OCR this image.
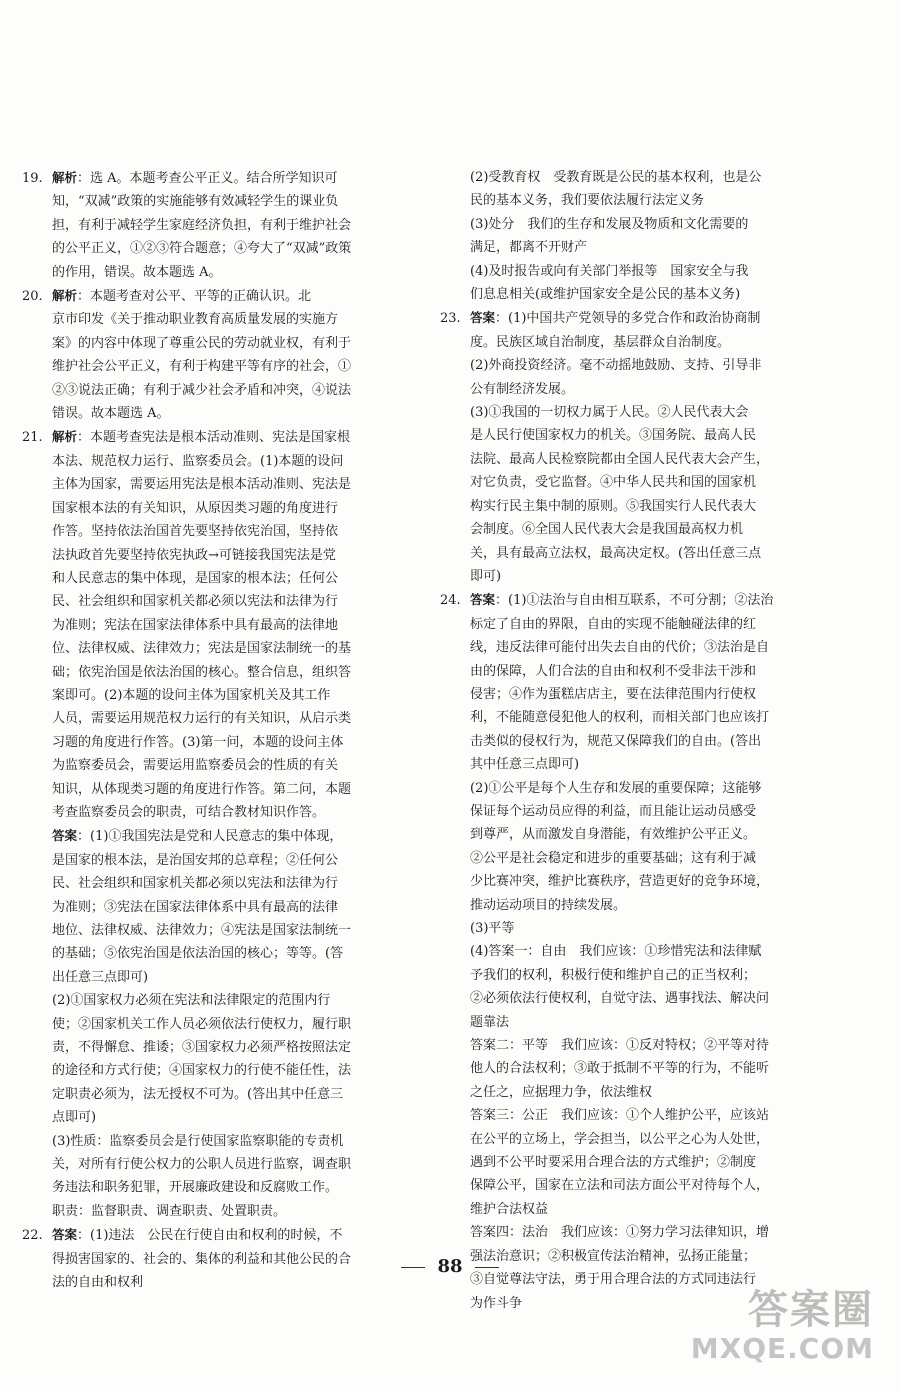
19. 解析：选 A。本题考查公平正义。结合所学知识可
知，“双减”政策的实施能够有效减轻学生的课业负
担，有利于减轻学生家庭经济负担，有利于维护社会
的公平正义，①②③符合题意；④夸大了“双减”政策
的作用，错误。故本题选 A。
20. 解析：本题考查对公平、平等的正确认识。北
京市印发《关于推动职业教育高质量发展的实施方
案》的内容中体现了尊重公民的劳动就业权，有利于
维护社会公平正义，有利于构建平等有序的社会，①
②③说法正确；有利于减少社会矛盾和冲突，④说法
错误。故本题选 A。
21. 解析：本题考查宪法是根本活动准则、宪法是国家根
本法、规范权力运行、监察委员会。(1)本题的设问
主体为国家，需要运用宪法是根本活动准则、宪法是
国家根本法的有关知识，从原因类习题的角度进行
作答。坚持依法治国首先要坚持依宪治国，坚持依
法执政首先要坚持依宪执政→可链接我国宪法是党
和人民意志的集中体现，是国家的根本法；任何公
民、社会组织和国家机关都必须以宪法和法律为行
为准则；宪法在国家法律体系中具有最高的法律地
位、法律权威、法律效力；宪法是国家法制统一的基
础；依宪治国是依法治国的核心。整合信息，组织答
案即可。(2)本题的设问主体为国家机关及其工作
人员，需要运用规范权力运行的有关知识，从启示类
习题的角度进行作答。(3)第一问，本题的设问主体
为监察委员会，需要运用监察委员会的性质的有关
知识，从体现类习题的角度进行作答。第二问，本题
考查监察委员会的职责，可结合教材知识作答。
答案：(1)①我国宪法是党和人民意志的集中体现，
是国家的根本法，是治国安邦的总章程；②任何公
民、社会组织和国家机关都必须以宪法和法律为行
为准则；③宪法在国家法律体系中具有最高的法律
地位、法律权威、法律效力；④宪法是国家法制统一
的基础；⑤依宪治国是依法治国的核心；等等。(答
出任意三点即可)
(2)①国家权力必须在宪法和法律限定的范围内行
使；②国家机关工作人员必须依法行使权力，履行职
责，不得懈怠、推诿；③国家权力必须严格按照法定
的途径和方式行使；④国家权力的行使不能任性，法
定职责必须为，法无授权不可为。(答出其中任意三
点即可)
(3)性质：监察委员会是行使国家监察职能的专责机
关，对所有行使公权力的公职人员进行监察，调查职
务违法和职务犯罪，开展廉政建设和反腐败工作。
职责：监督职责、调查职责、处置职责。
22. 答案：(1)违法　公民在行使自由和权利的时候，不
得损害国家的、社会的、集体的利益和其他公民的合
法的自由和权利
(2)受教育权　受教育既是公民的基本权利，也是公
民的基本义务，我们要依法履行法定义务
(3)处分　我们的生存和发展及物质和文化需要的
满足，都离不开财产
(4)及时报告或向有关部门举报等　国家安全与我
们息息相关(或维护国家安全是公民的基本义务)
23. 答案：(1)中国共产党领导的多党合作和政治协商制
度。民族区域自治制度，基层群众自治制度。
(2)外商投资经济。毫不动摇地鼓励、支持、引导非
公有制经济发展。
(3)①我国的一切权力属于人民。②人民代表大会
是人民行使国家权力的机关。③国务院、最高人民
法院、最高人民检察院都由全国人民代表大会产生，
对它负责，受它监督。④中华人民共和国的国家机
构实行民主集中制的原则。⑤我国实行人民代表大
会制度。⑥全国人民代表大会是我国最高权力机
关，具有最高立法权，最高决定权。(答出任意三点
即可)
24. 答案：(1)①法治与自由相互联系，不可分割；②法治
标定了自由的界限，自由的实现不能触碰法律的红
线，违反法律可能付出失去自由的代价；③法治是自
由的保障，人们合法的自由和权利不受非法干涉和
侵害；④作为蛋糕店店主，要在法律范围内行使权
利，不能随意侵犯他人的权利，而相关部门也应该打
击类似的侵权行为，规范又保障我们的自由。(答出
其中任意三点即可)
(2)①公平是每个人生存和发展的重要保障；这能够
保证每个运动员应得的利益，而且能让运动员感受
到尊严，从而激发自身潜能，有效维护公平正义。
②公平是社会稳定和进步的重要基础；这有利于减
少比赛冲突，维护比赛秩序，营造更好的竞争环境，
推动运动项目的持续发展。
(3)平等
(4)答案一：自由　我们应该：①珍惜宪法和法律赋
予我们的权利，积极行使和维护自己的正当权利；
②必须依法行使权利，自觉守法、遇事找法、解决问
题靠法
答案二：平等　我们应该：①反对特权；②平等对待
他人的合法权利；③敢于抵制不平等的行为，不能听
之任之，应据理力争，依法维权
答案三：公正　我们应该：①个人维护公平，应该站
在公平的立场上，学会担当，以公平之心为人处世，
遇到不公平时要采用合理合法的方式维护；②制度
保障公平，国家在立法和司法方面公平对待每个人，
维护合法权益
答案四：法治　我们应该：①努力学习法律知识，增
强法治意识；②积极宣传法治精神，弘扬正能量；
③自觉尊法守法，勇于用合理合法的方式同违法行
为作斗争
88
答案圈
MXQE.COM
